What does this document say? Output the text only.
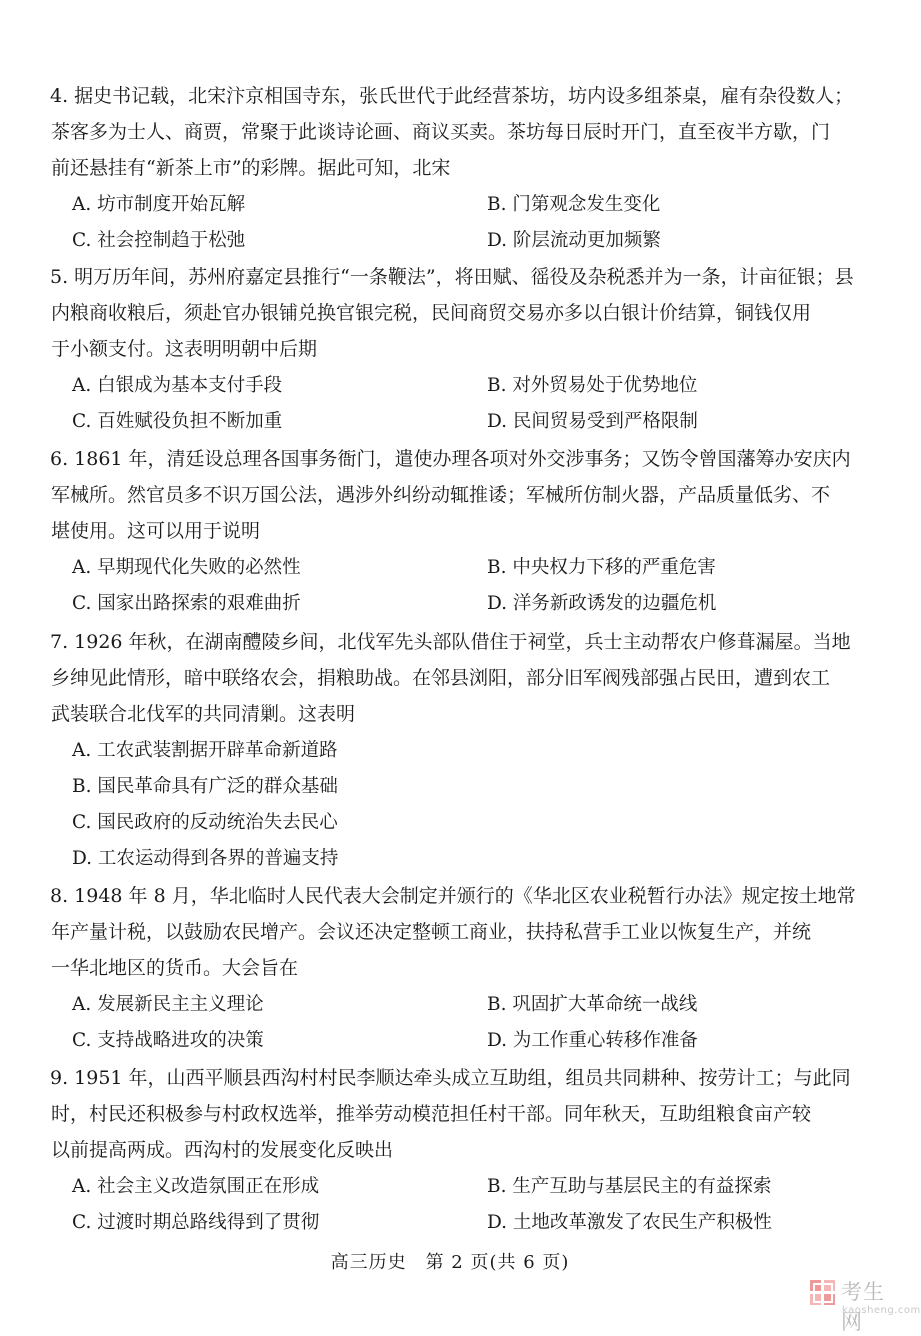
4. 据史书记载，北宋汴京相国寺东，张氏世代于此经营茶坊，坊内设多组茶桌，雇有杂役数人；
茶客多为士人、商贾，常聚于此谈诗论画、商议买卖。茶坊每日辰时开门，直至夜半方歇，门
前还悬挂有“新茶上市”的彩牌。据此可知，北宋
A. 坊市制度开始瓦解	B. 门第观念发生变化
C. 社会控制趋于松弛	D. 阶层流动更加频繁
5. 明万历年间，苏州府嘉定县推行“一条鞭法”，将田赋、徭役及杂税悉并为一条，计亩征银；县
内粮商收粮后，须赴官办银铺兑换官银完税，民间商贸交易亦多以白银计价结算，铜钱仅用
于小额支付。这表明明朝中后期
A. 白银成为基本支付手段	B. 对外贸易处于优势地位
C. 百姓赋役负担不断加重	D. 民间贸易受到严格限制
6. 1861 年，清廷设总理各国事务衙门，遣使办理各项对外交涉事务；又饬令曾国藩筹办安庆内
军械所。然官员多不识万国公法，遇涉外纠纷动辄推诿；军械所仿制火器，产品质量低劣、不
堪使用。这可以用于说明
A. 早期现代化失败的必然性	B. 中央权力下移的严重危害
C. 国家出路探索的艰难曲折	D. 洋务新政诱发的边疆危机
7. 1926 年秋，在湖南醴陵乡间，北伐军先头部队借住于祠堂，兵士主动帮农户修葺漏屋。当地
乡绅见此情形，暗中联络农会，捐粮助战。在邻县浏阳，部分旧军阀残部强占民田，遭到农工
武装联合北伐军的共同清剿。这表明
A. 工农武装割据开辟革命新道路
B. 国民革命具有广泛的群众基础
C. 国民政府的反动统治失去民心
D. 工农运动得到各界的普遍支持
8. 1948 年 8 月，华北临时人民代表大会制定并颁行的《华北区农业税暂行办法》规定按土地常
年产量计税，以鼓励农民增产。会议还决定整顿工商业，扶持私营手工业以恢复生产，并统
一华北地区的货币。大会旨在
A. 发展新民主主义理论	B. 巩固扩大革命统一战线
C. 支持战略进攻的决策	D. 为工作重心转移作准备
9. 1951 年，山西平顺县西沟村村民李顺达牵头成立互助组，组员共同耕种、按劳计工；与此同
时，村民还积极参与村政权选举，推举劳动模范担任村干部。同年秋天，互助组粮食亩产较
以前提高两成。西沟村的发展变化反映出
A. 社会主义改造氛围正在形成	B. 生产互助与基层民主的有益探索
C. 过渡时期总路线得到了贯彻	D. 土地改革激发了农民生产积极性
高三历史　第 2 页(共 6 页)
考生网
kaosheng.com
